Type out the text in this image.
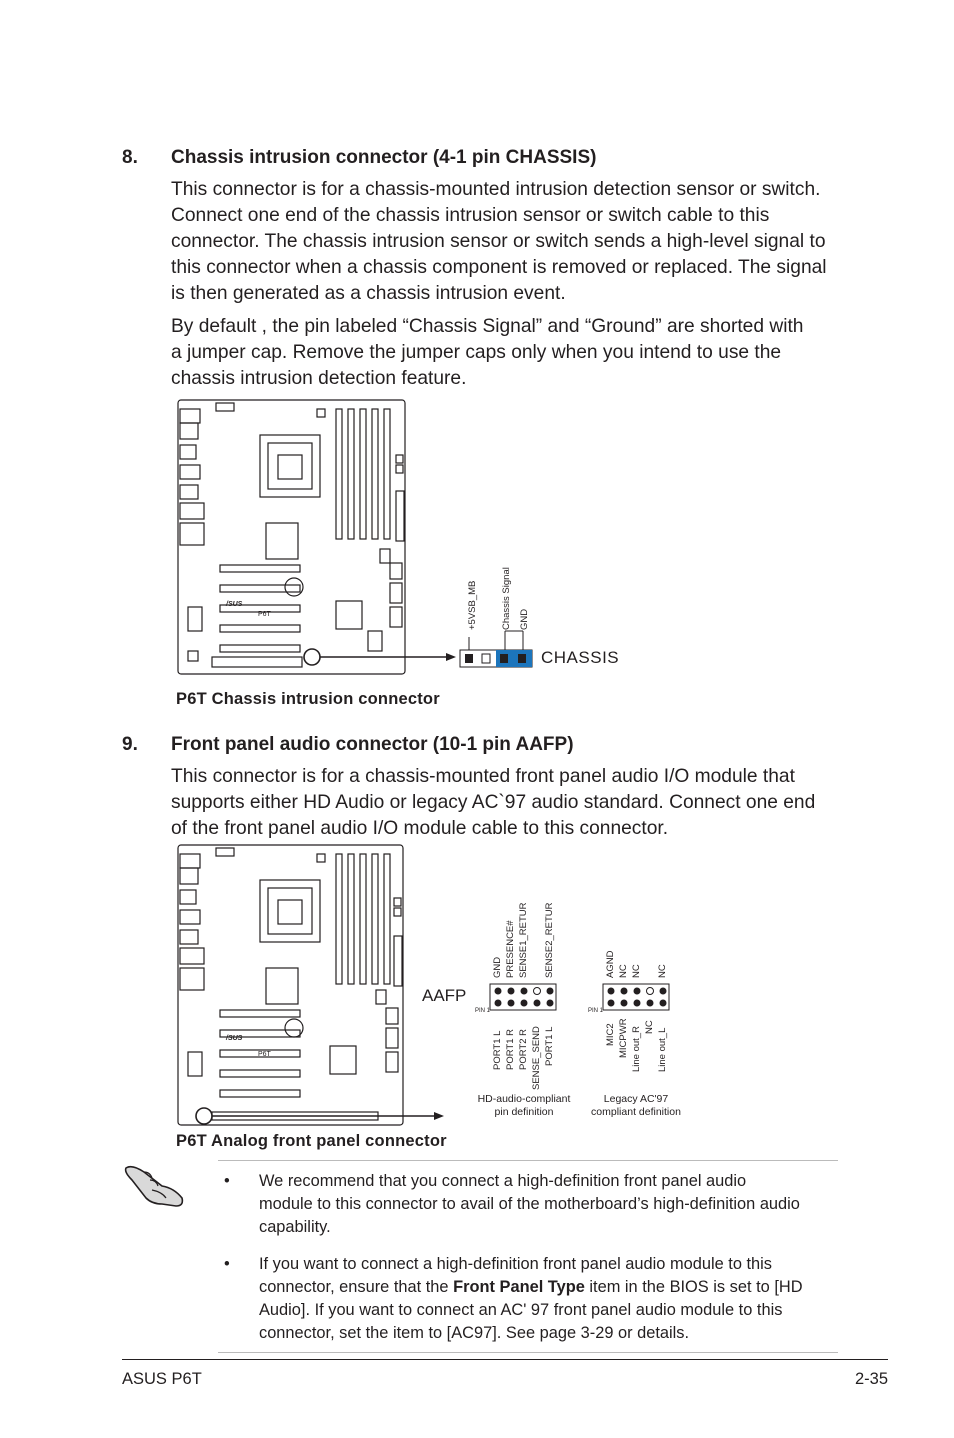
8. Chassis intrusion connector (4-1 pin CHASSIS)
This connector is for a chassis-mounted intrusion detection sensor or switch.
Connect one end of the chassis intrusion sensor or switch cable to this
connector. The chassis intrusion sensor or switch sends a high-level signal to
this connector when a chassis component is removed or replaced. The signal
is then generated as a chassis intrusion event.
By default , the pin labeled “Chassis Signal” and “Ground” are shorted with
a jumper cap. Remove the jumper caps only when you intend to use the
chassis intrusion detection feature.
/SUS
P6T	+5VSB_MB Chassis Signal GND
CHASSIS
P6T Chassis intrusion connector
9. Front panel audio connector (10-1 pin AAFP)
This connector is for a chassis-mounted front panel audio I/O module that
supports either HD Audio or legacy AC`97 audio standard. Connect one end
of the front panel audio I/O module cable to this connector.
/SUS
P6T
AAFP
PIN 1	PIN 1
GND PRESENCE# SENSE1_RETUR SENSE2_RETUR
PORT1 L PORT1 R PORT2 R SENSE_SEND PORT1 L
AGND NC NC NC
MIC2 MICPWR Line out_R NC
Line out_L
HD-audio-compliant
pin definition
Legacy AC'97
compliant definition
P6T Analog front panel connector
• We recommend that you connect a high-definition front panel audio
module to this connector to avail of the motherboard’s high-definition audio
capability.
• If you want to connect a high-definition front panel audio module to this
connector, ensure that the Front Panel Type item in the BIOS is set to [HD
Audio]. If you want to connect an AC' 97 front panel audio module to this
connector, set the item to [AC97]. See page 3-29 or details.
ASUS P6T	2-35
